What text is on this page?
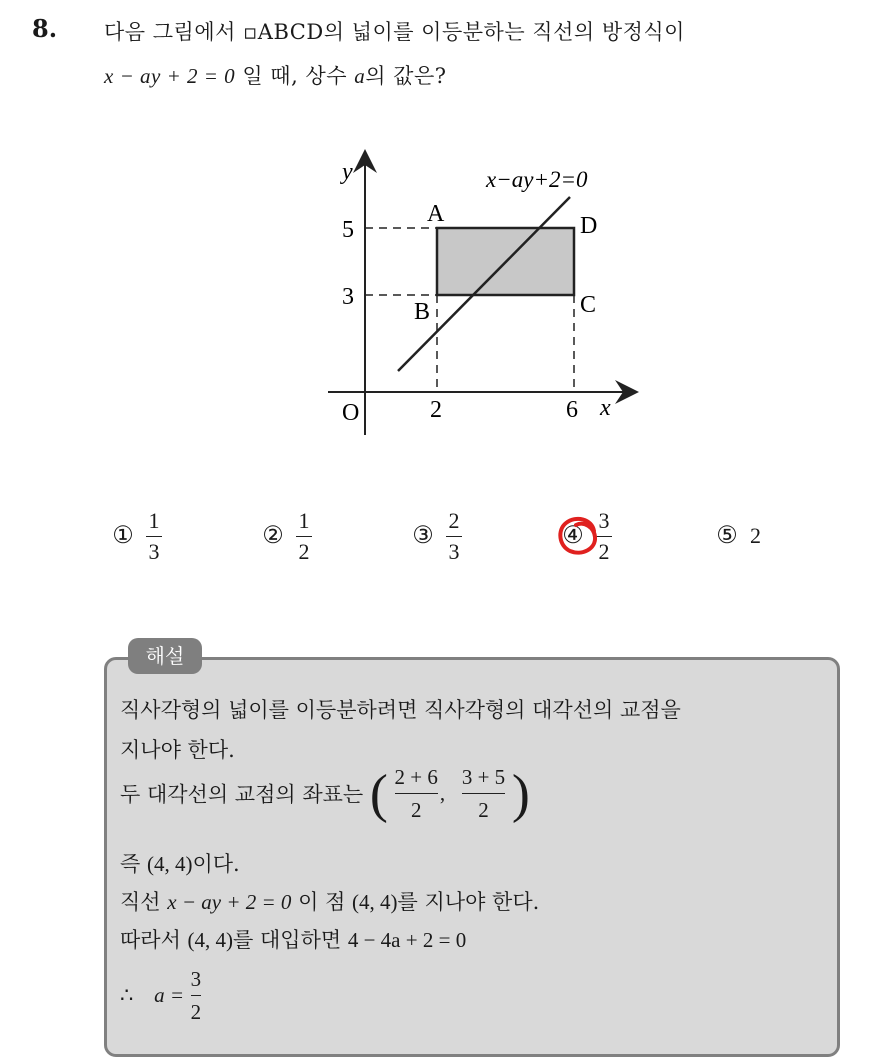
8. 다음 그림에서 ▫ABCD의 넓이를 이등분하는 직선의 방정식이
x − ay + 2 = 0 일 때, 상수 a의 값은?
y
x
O
x−ay+2=0
A
B	C
D
5
3
2	6
① $\frac{1}{3}$	② $\frac{1}{2}$	③ $\frac{2}{3}$	④ $\frac{3}{2}$	⑤ 2
해설
직사각형의 넓이를 이등분하려면 직사각형의 대각선의 교점을
지나야 한다.
두 대각선의 교점의 좌표는 ( $\frac{2 + 6}{2}$ , $\frac{3 + 5}{2}$ )
즉 (4, 4)이다.
직선 x − ay + 2 = 0 이 점 (4, 4)를 지나야 한다.
따라서 (4, 4)를 대입하면 4 − 4a + 2 = 0
∴ $a = \frac{3}{2}$
